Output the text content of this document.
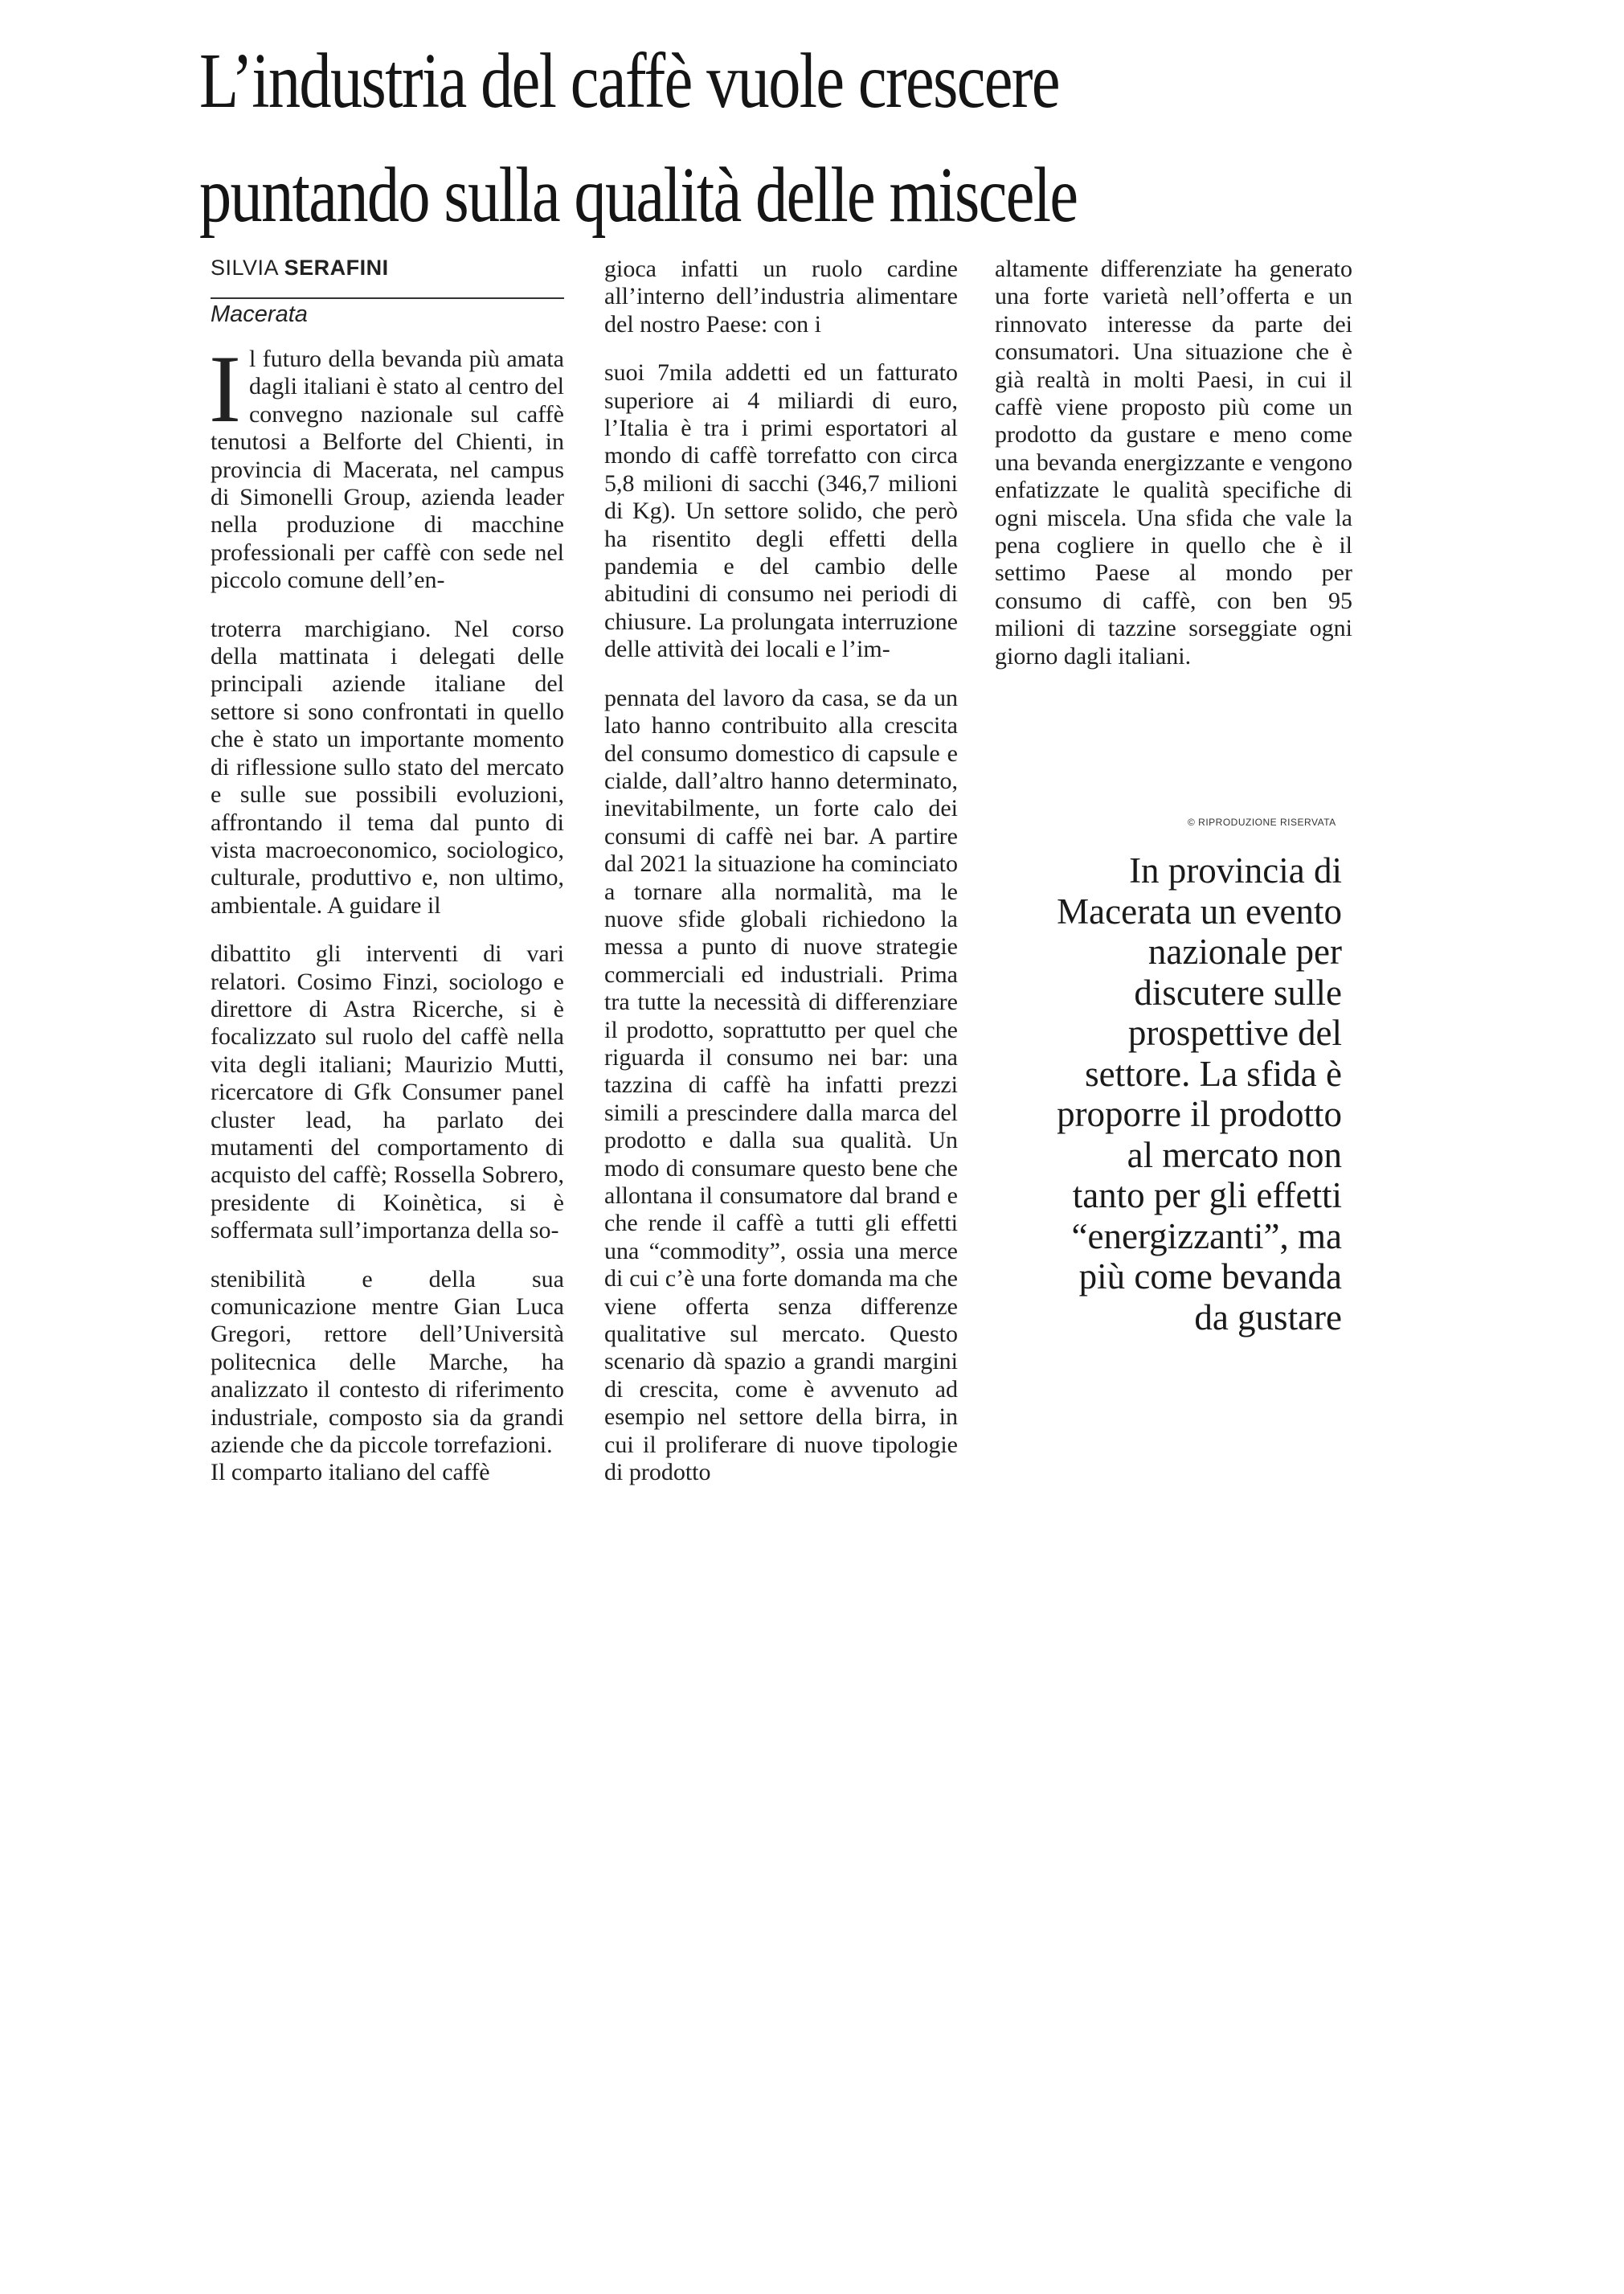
L’industria del caffè vuole crescere
puntando sulla qualità delle miscele
SILVIA SERAFINI
Macerata

Il futuro della bevanda più amata dagli italiani è stato al centro del convegno nazionale sul caffè tenutosi a Belforte del Chienti, in provincia di Macerata, nel campus di Simonelli Group, azienda leader nella produzione di macchine professionali per caffè con sede nel piccolo comune dell’en-

troterra marchigiano. Nel corso della mattinata i delegati delle principali aziende italiane del settore si sono confrontati in quello che è stato un importante momento di riflessione sullo stato del mercato e sulle sue possibili evoluzioni, affrontando il tema dal punto di vista macroeconomico, sociologico, culturale, produttivo e, non ultimo, ambientale. A guidare il

dibattito gli interventi di vari relatori. Cosimo Finzi, sociologo e direttore di Astra Ricerche, si è focalizzato sul ruolo del caffè nella vita degli italiani; Maurizio Mutti, ricercatore di Gfk Consumer panel cluster lead, ha parlato dei mutamenti del comportamento di acquisto del caffè; Rossella Sobrero, presidente di Koinètica, si è soffermata sull’importanza della so-

stenibilità e della sua comunicazione mentre Gian Luca Gregori, rettore dell’Università politecnica delle Marche, ha analizzato il contesto di riferimento industriale, composto sia da grandi aziende che da piccole torrefazioni.

Il comparto italiano del caffè

gioca infatti un ruolo cardine all’interno dell’industria alimentare del nostro Paese: con i

suoi 7mila addetti ed un fatturato superiore ai 4 miliardi di euro, l’Italia è tra i primi esportatori al mondo di caffè torrefatto con circa 5,8 milioni di sacchi (346,7 milioni di Kg). Un settore solido, che però ha risentito degli effetti della pandemia e del cambio delle abitudini di consumo nei periodi di chiusure. La prolungata interruzione delle attività dei locali e l’im-

pennata del lavoro da casa, se da un lato hanno contribuito alla crescita del consumo domestico di capsule e cialde, dall’altro hanno determinato, inevitabilmente, un forte calo dei consumi di caffè nei bar. A partire dal 2021 la situazione ha cominciato a tornare alla normalità, ma le nuove sfide globali richiedono la messa a punto di nuove strategie commerciali ed industriali. Prima tra tutte la necessità di differenziare il prodotto, soprattutto per quel che riguarda il consumo nei bar: una tazzina di caffè ha infatti prezzi simili a prescindere dalla marca del prodotto e dalla sua qualità. Un modo di consumare questo bene che allontana il consumatore dal brand e che rende il caffè a tutti gli effetti una “commodity”, ossia una merce di cui c’è una forte domanda ma che viene offerta senza differenze qualitative sul mercato. Questo scenario dà spazio a grandi margini di crescita, come è avvenuto ad esempio nel settore della birra, in cui il proliferare di nuove tipologie di prodotto

altamente differenziate ha generato una forte varietà nell’offerta e un rinnovato interesse da parte dei consumatori. Una situazione che è già realtà in molti Paesi, in cui il caffè viene proposto più come un prodotto da gustare e meno come una bevanda energizzante e vengono enfatizzate le qualità specifiche di ogni miscela. Una sfida che vale la pena cogliere in quello che è il settimo Paese al mondo per consumo di caffè, con ben 95 milioni di tazzine sorseggiate ogni giorno dagli italiani.

© RIPRODUZIONE RISERVATA
In provincia di
Macerata un evento
nazionale per
discutere sulle
prospettive del
settore. La sfida è
proporre il prodotto
al mercato non
tanto per gli effetti
“energizzanti”, ma
più come bevanda
da gustare
